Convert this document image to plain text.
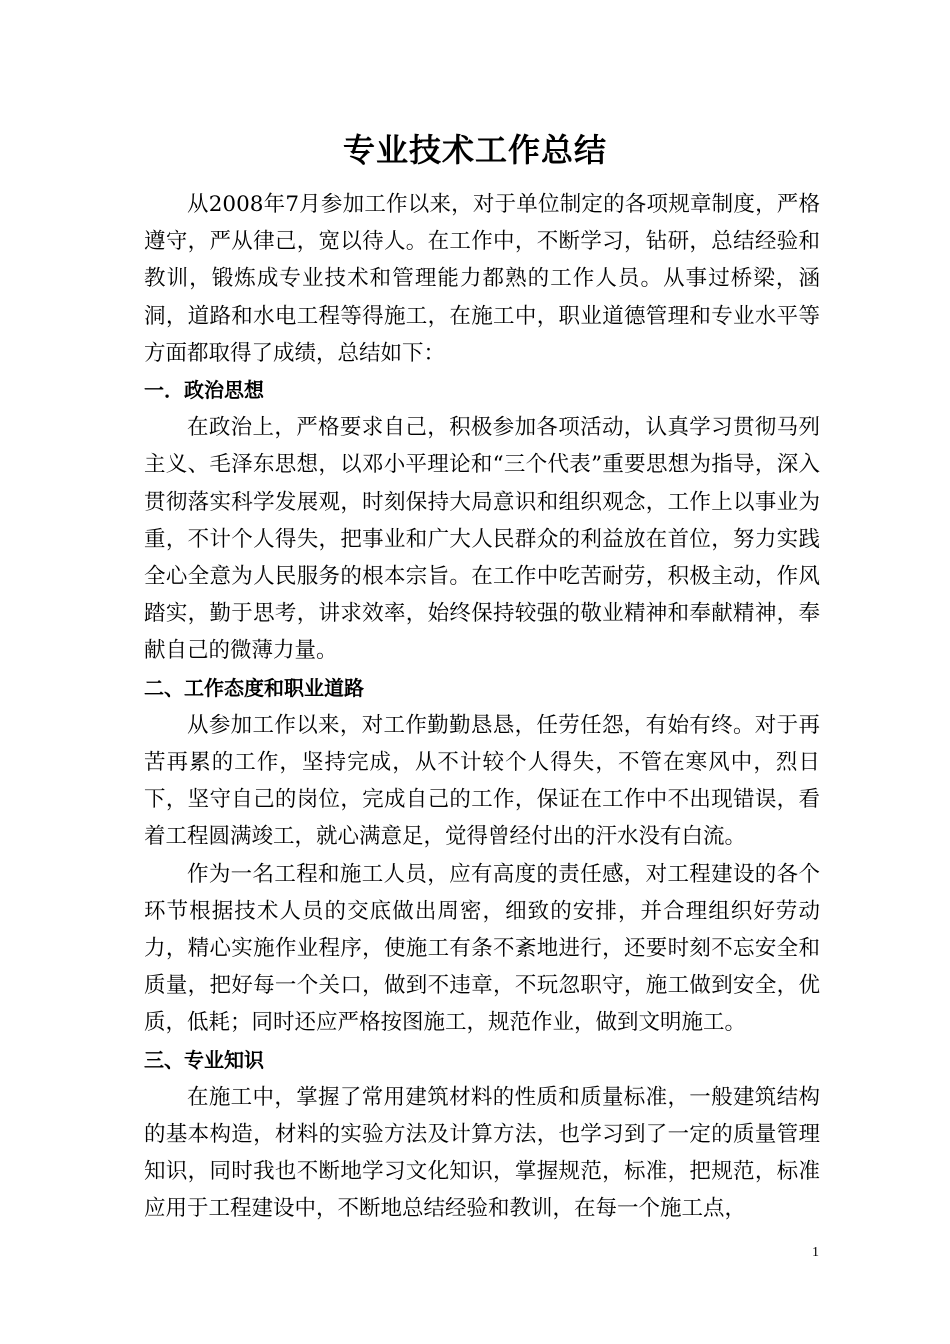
专业技术工作总结

从2008年7月参加工作以来，对于单位制定的各项规章制度，严格遵守，严从律己，宽以待人。在工作中，不断学习，钻研，总结经验和教训，锻炼成专业技术和管理能力都熟的工作人员。从事过桥梁，涵洞，道路和水电工程等得施工，在施工中，职业道德管理和专业水平等方面都取得了成绩，总结如下：

一．政治思想

在政治上，严格要求自己，积极参加各项活动，认真学习贯彻马列主义、毛泽东思想，以邓小平理论和“三个代表”重要思想为指导，深入贯彻落实科学发展观，时刻保持大局意识和组织观念，工作上以事业为重，不计个人得失，把事业和广大人民群众的利益放在首位，努力实践全心全意为人民服务的根本宗旨。在工作中吃苦耐劳，积极主动，作风踏实，勤于思考，讲求效率，始终保持较强的敬业精神和奉献精神，奉献自己的微薄力量。

二、工作态度和职业道路

从参加工作以来，对工作勤勤恳恳，任劳任怨，有始有终。对于再苦再累的工作，坚持完成，从不计较个人得失，不管在寒风中，烈日下，坚守自己的岗位，完成自己的工作，保证在工作中不出现错误，看着工程圆满竣工，就心满意足，觉得曾经付出的汗水没有白流。

作为一名工程和施工人员，应有高度的责任感，对工程建设的各个环节根据技术人员的交底做出周密，细致的安排，并合理组织好劳动力，精心实施作业程序，使施工有条不紊地进行，还要时刻不忘安全和质量，把好每一个关口，做到不违章，不玩忽职守，施工做到安全，优质，低耗；同时还应严格按图施工，规范作业，做到文明施工。

三、专业知识

在施工中，掌握了常用建筑材料的性质和质量标准，一般建筑结构的基本构造，材料的实验方法及计算方法，也学习到了一定的质量管理知识，同时我也不断地学习文化知识，掌握规范，标准，把规范，标准应用于工程建设中，不断地总结经验和教训，在每一个施工点，

1
